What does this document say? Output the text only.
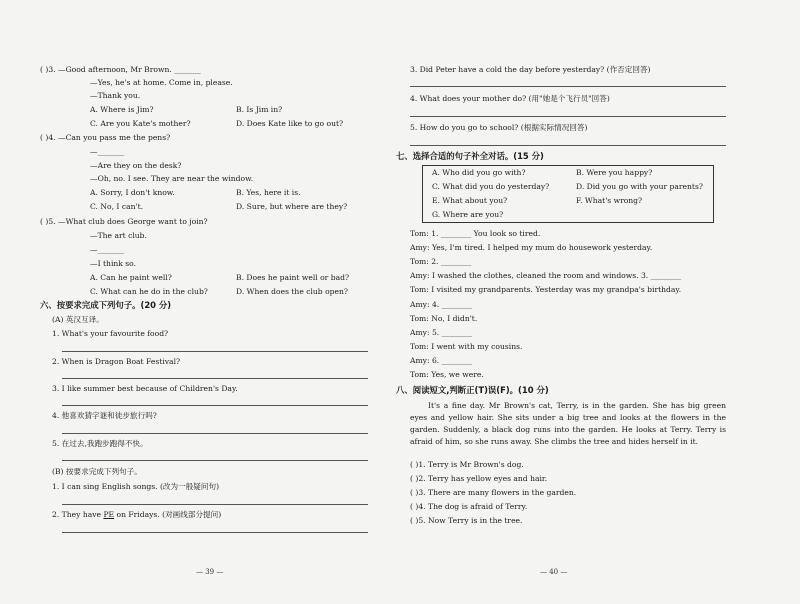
( )3. —Good afternoon, Mr Brown. _______
—Yes, he's at home. Come in, please.
—Thank you.
A. Where is Jim?	B. Is Jim in?
C. Are you Kate's mother?	D. Does Kate like to go out?
( )4. —Can you pass me the pens?
—_______
—Are they on the desk?
—Oh, no. I see. They are near the window.
A. Sorry, I don't know.	B. Yes, here it is.
C. No, I can't.	D. Sure, but where are they?
( )5. —What club does George want to join?
—The art club.
—_______
—I think so.
A. Can he paint well?	B. Does he paint well or bad?
C. What can he do in the club?	D. When does the club open?
六、按要求完成下列句子。(20 分)
(A) 英汉互译。
1. What's your favourite food?
2. When is Dragon Boat Festival?
3. I like summer best because of Children's Day.
4. 他喜欢猜字谜和徒步旅行吗?
5. 在过去,我跑步跑得不快。
(B) 按要求完成下列句子。
1. I can sing English songs. (改为一般疑问句)
2. They have PE on Fridays. (对画线部分提问)
— 39 —
3. Did Peter have a cold the day before yesterday? (作否定回答)
4. What does your mother do? (用"她是个飞行员"回答)
5. How do you go to school? (根据实际情况回答)
七、选择合适的句子补全对话。(15 分)
A. Who did you go with?	B. Were you happy?
C. What did you do yesterday?	D. Did you go with your parents?
E. What about you?	F. What's wrong?
G. Where are you?
Tom: 1. ________ You look so tired.
Amy: Yes, I'm tired. I helped my mum do housework yesterday.
Tom: 2. ________
Amy: I washed the clothes, cleaned the room and windows. 3. ________
Tom: I visited my grandparents. Yesterday was my grandpa's birthday.
Amy: 4. ________
Tom: No, I didn't.
Amy: 5. ________
Tom: I went with my cousins.
Amy: 6. ________
Tom: Yes, we were.
八、阅读短文,判断正(T)误(F)。(10 分)
It's a fine day. Mr Brown's cat, Terry, is in the garden. She has big green eyes and yellow hair. She sits under a big tree and looks at the flowers in the garden. Suddenly, a black dog runs into the garden. He looks at Terry. Terry is afraid of him, so she runs away. She climbs the tree and hides herself in it.
( )1. Terry is Mr Brown's dog.
( )2. Terry has yellow eyes and hair.
( )3. There are many flowers in the garden.
( )4. The dog is afraid of Terry.
( )5. Now Terry is in the tree.
— 40 —
